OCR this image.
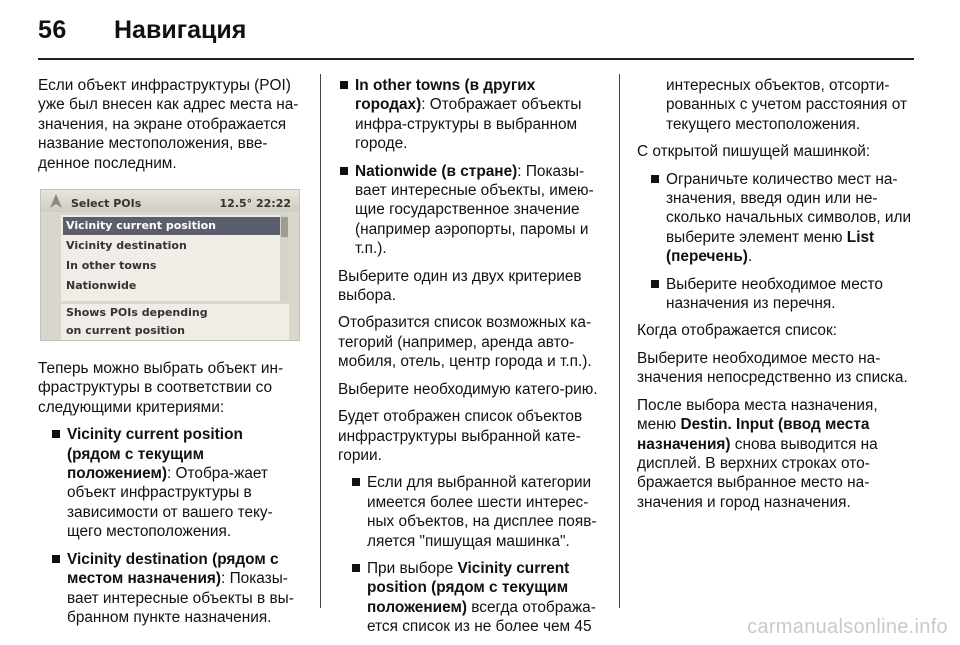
56 Навигация

Если объект инфраструктуры (POI) уже был внесен как адрес места на-значения, на экране отображается название местоположения, вве-денное последним.

Select POIs	12.5° 22:22
Vicinity current position
Vicinity destination
In other towns
Nationwide
Shows POIs depending
on current position

Теперь можно выбрать объект ин-фраструктуры в соответствии со следующими критериями:

Vicinity current position (рядом с текущим положением): Отобра-жает объект инфраструктуры в зависимости от вашего теку-щего местоположения.
Vicinity destination (рядом с местом назначения): Показы-вает интересные объекты в вы-бранном пункте назначения.
In other towns (в других городах): Отображает объекты инфра-структуры в выбранном городе.
Nationwide (в стране): Показы-вает интересные объекты, имею-щие государственное значение (например аэропорты, паромы и т.п.).

Выберите один из двух критериев выбора.

Отобразится список возможных ка-тегорий (например, аренда авто-мобиля, отель, центр города и т.п.).

Выберите необходимую катего-рию.

Будет отображен список объектов инфраструктуры выбранной кате-гории.

Если для выбранной категории имеется более шести интерес-ных объектов, на дисплее появ-ляется "пишущая машинка".
При выборе Vicinity current position (рядом с текущим положением) всегда отобража-ется список из не более чем 45

интересных объектов, отсорти-рованных с учетом расстояния от текущего местоположения.

С открытой пишущей машинкой:

Ограничьте количество мест на-значения, введя один или не-сколько начальных символов, или выберите элемент меню List (перечень).
Выберите необходимое место назначения из перечня.

Когда отображается список:

Выберите необходимое место на-значения непосредственно из списка.

После выбора места назначения, меню Destin. Input (ввод места назначения) снова выводится на дисплей. В верхних строках ото-бражается выбранное место на-значения и город назначения.

carmanualsonline.info
